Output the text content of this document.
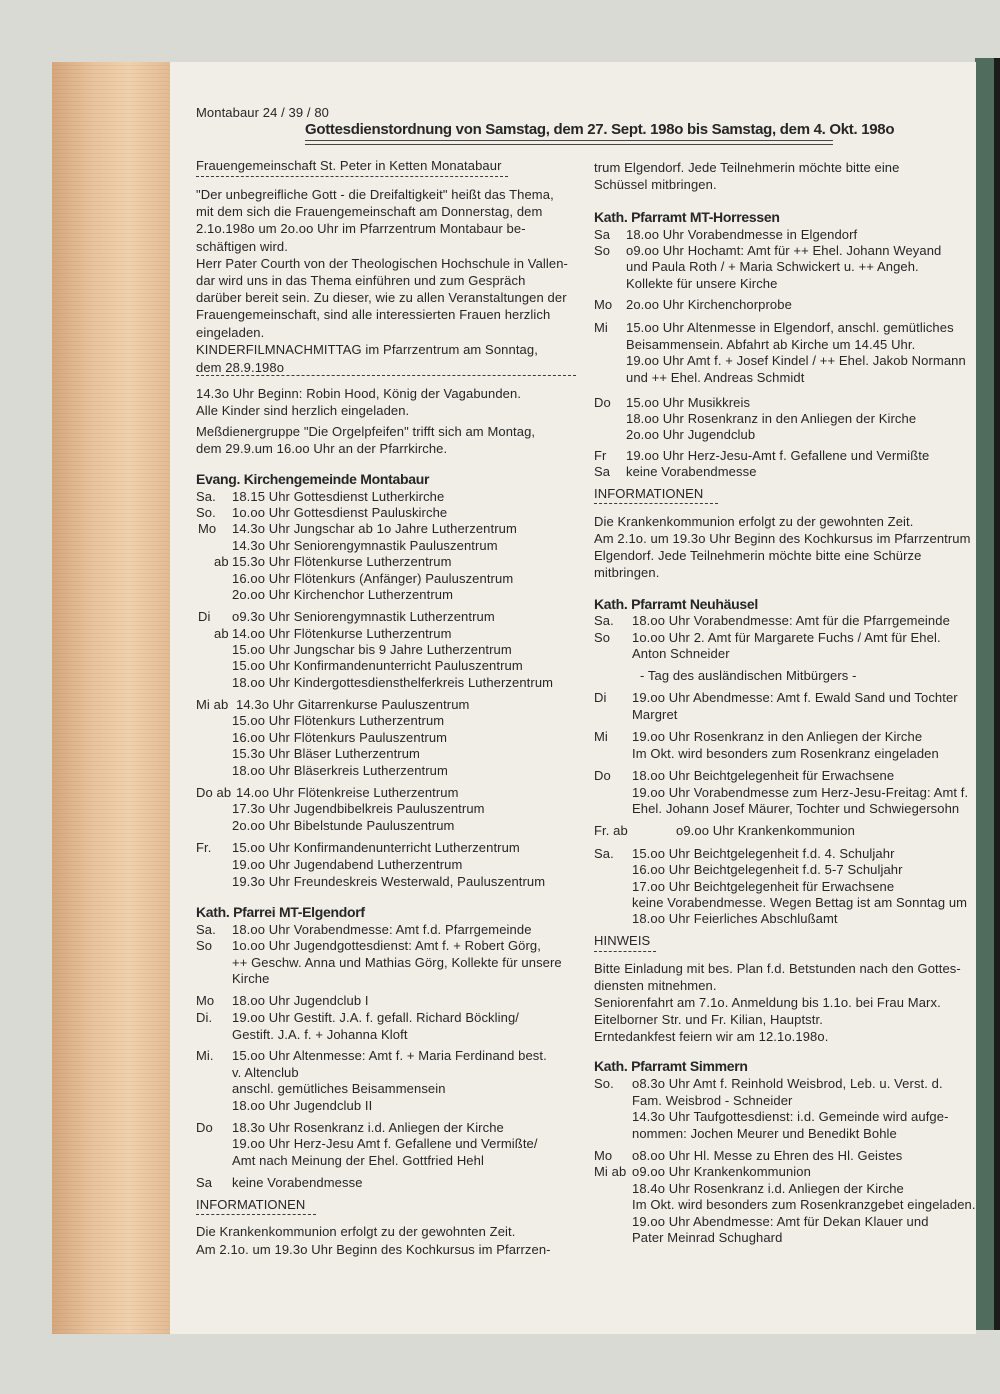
Montabaur 24 / 39 / 80
Gottesdienstordnung von Samstag, dem 27. Sept. 198o bis Samstag, dem 4. Okt. 198o
Frauengemeinschaft St. Peter in Ketten Monatabaur
"Der unbegreifliche Gott - die Dreifaltigkeit" heißt das Thema,
mit dem sich die Frauengemeinschaft am Donnerstag, dem
2.1o.198o um 2o.oo Uhr im Pfarrzentrum Montabaur be-
schäftigen wird.
Herr Pater Courth von der Theologischen Hochschule in Vallen-
dar wird uns in das Thema einführen und zum Gespräch
darüber bereit sein. Zu dieser, wie zu allen Veranstaltungen der
Frauengemeinschaft, sind alle interessierten Frauen herzlich
eingeladen.
KINDERFILMNACHMITTAG im Pfarrzentrum am Sonntag,
dem 28.9.198o
14.3o Uhr Beginn: Robin Hood, König der Vagabunden.
Alle Kinder sind herzlich eingeladen.
Meßdienergruppe "Die Orgelpfeifen" trifft sich am Montag,
dem 29.9.um 16.oo Uhr an der Pfarrkirche.
Evang. Kirchengemeinde Montabaur
Sa. 18.15 Uhr Gottesdienst Lutherkirche
So. 1o.oo Uhr Gottesdienst Pauluskirche
Mo 14.3o Uhr Jungschar ab 1o Jahre Lutherzentrum
14.3o Uhr Seniorengymnastik Pauluszentrum
ab 15.3o Uhr Flötenkurse Lutherzentrum
16.oo Uhr Flötenkurs (Anfänger) Pauluszentrum
2o.oo Uhr Kirchenchor Lutherzentrum
Di o9.3o Uhr Seniorengymnastik Lutherzentrum
ab 14.oo Uhr Flötenkurse Lutherzentrum
15.oo Uhr Jungschar bis 9 Jahre Lutherzentrum
15.oo Uhr Konfirmandenunterricht Pauluszentrum
18.oo Uhr Kindergottesdiensthelferkreis Lutherzentrum
Mi ab 14.3o Uhr Gitarrenkurse Pauluszentrum
15.oo Uhr Flötenkurs Lutherzentrum
16.oo Uhr Flötenkurs Pauluszentrum
15.3o Uhr Bläser Lutherzentrum
18.oo Uhr Bläserkreis Lutherzentrum
Do ab 14.oo Uhr Flötenkreise Lutherzentrum
17.3o Uhr Jugendbibelkreis Pauluszentrum
2o.oo Uhr Bibelstunde Pauluszentrum
Fr. 15.oo Uhr Konfirmandenunterricht Lutherzentrum
19.oo Uhr Jugendabend Lutherzentrum
19.3o Uhr Freundeskreis Westerwald, Pauluszentrum
Kath. Pfarrei MT-Elgendorf
Sa. 18.oo Uhr Vorabendmesse: Amt f.d. Pfarrgemeinde
So 1o.oo Uhr Jugendgottesdienst: Amt f. + Robert Görg,
++ Geschw. Anna und Mathias Görg, Kollekte für unsere
Kirche
Mo 18.oo Uhr Jugendclub I
Di. 19.oo Uhr Gestift. J.A. f. gefall. Richard Böckling/
Gestift. J.A. f. + Johanna Kloft
Mi. 15.oo Uhr Altenmesse: Amt f. + Maria Ferdinand best.
v. Altenclub
anschl. gemütliches Beisammensein
18.oo Uhr Jugendclub II
Do 18.3o Uhr Rosenkranz i.d. Anliegen der Kirche
19.oo Uhr Herz-Jesu Amt f. Gefallene und Vermißte/
Amt nach Meinung der Ehel. Gottfried Hehl
Sa keine Vorabendmesse
INFORMATIONEN
Die Krankenkommunion erfolgt zu der gewohnten Zeit.
Am 2.1o. um 19.3o Uhr Beginn des Kochkursus im Pfarrzen-
trum Elgendorf. Jede Teilnehmerin möchte bitte eine
Schüssel mitbringen.
Kath. Pfarramt MT-Horressen
Sa 18.oo Uhr Vorabendmesse in Elgendorf
So o9.oo Uhr Hochamt: Amt für ++ Ehel. Johann Weyand
und Paula Roth / + Maria Schwickert u. ++ Angeh.
Kollekte für unsere Kirche
Mo 2o.oo Uhr Kirchenchorprobe
Mi 15.oo Uhr Altenmesse in Elgendorf, anschl. gemütliches
Beisammensein. Abfahrt ab Kirche um 14.45 Uhr.
19.oo Uhr Amt f. + Josef Kindel / ++ Ehel. Jakob Normann
und ++ Ehel. Andreas Schmidt
Do 15.oo Uhr Musikkreis
18.oo Uhr Rosenkranz in den Anliegen der Kirche
2o.oo Uhr Jugendclub
Fr 19.oo Uhr Herz-Jesu-Amt f. Gefallene und Vermißte
Sa keine Vorabendmesse
INFORMATIONEN
Die Krankenkommunion erfolgt zu der gewohnten Zeit.
Am 2.1o. um 19.3o Uhr Beginn des Kochkursus im Pfarrzentrum
Elgendorf. Jede Teilnehmerin möchte bitte eine Schürze
mitbringen.
Kath. Pfarramt Neuhäusel
Sa. 18.oo Uhr Vorabendmesse: Amt für die Pfarrgemeinde
So 1o.oo Uhr 2. Amt für Margarete Fuchs / Amt für Ehel.
Anton Schneider
- Tag des ausländischen Mitbürgers -
Di 19.oo Uhr Abendmesse: Amt f. Ewald Sand und Tochter
Margret
Mi 19.oo Uhr Rosenkranz in den Anliegen der Kirche
Im Okt. wird besonders zum Rosenkranz eingeladen
Do 18.oo Uhr Beichtgelegenheit für Erwachsene
19.oo Uhr Vorabendmesse zum Herz-Jesu-Freitag: Amt f.
Ehel. Johann Josef Mäurer, Tochter und Schwiegersohn
Fr. ab	o9.oo Uhr Krankenkommunion
Sa. 15.oo Uhr Beichtgelegenheit f.d. 4. Schuljahr
16.oo Uhr Beichtgelegenheit f.d. 5-7 Schuljahr
17.oo Uhr Beichtgelegenheit für Erwachsene
keine Vorabendmesse. Wegen Bettag ist am Sonntag um
18.oo Uhr Feierliches Abschlußamt
HINWEIS
Bitte Einladung mit bes. Plan f.d. Betstunden nach den Gottes-
diensten mitnehmen.
Seniorenfahrt am 7.1o. Anmeldung bis 1.1o. bei Frau Marx.
Eitelborner Str. und Fr. Kilian, Hauptstr.
Erntedankfest feiern wir am 12.1o.198o.
Kath. Pfarramt Simmern
So. o8.3o Uhr Amt f. Reinhold Weisbrod, Leb. u. Verst. d.
Fam. Weisbrod - Schneider
14.3o Uhr Taufgottesdienst: i.d. Gemeinde wird aufge-
nommen: Jochen Meurer und Benedikt Bohle
Mo o8.oo Uhr Hl. Messe zu Ehren des Hl. Geistes
Mi ab o9.oo Uhr Krankenkommunion
18.4o Uhr Rosenkranz i.d. Anliegen der Kirche
Im Okt. wird besonders zum Rosenkranzgebet eingeladen.
19.oo Uhr Abendmesse: Amt für Dekan Klauer und
Pater Meinrad Schughard
